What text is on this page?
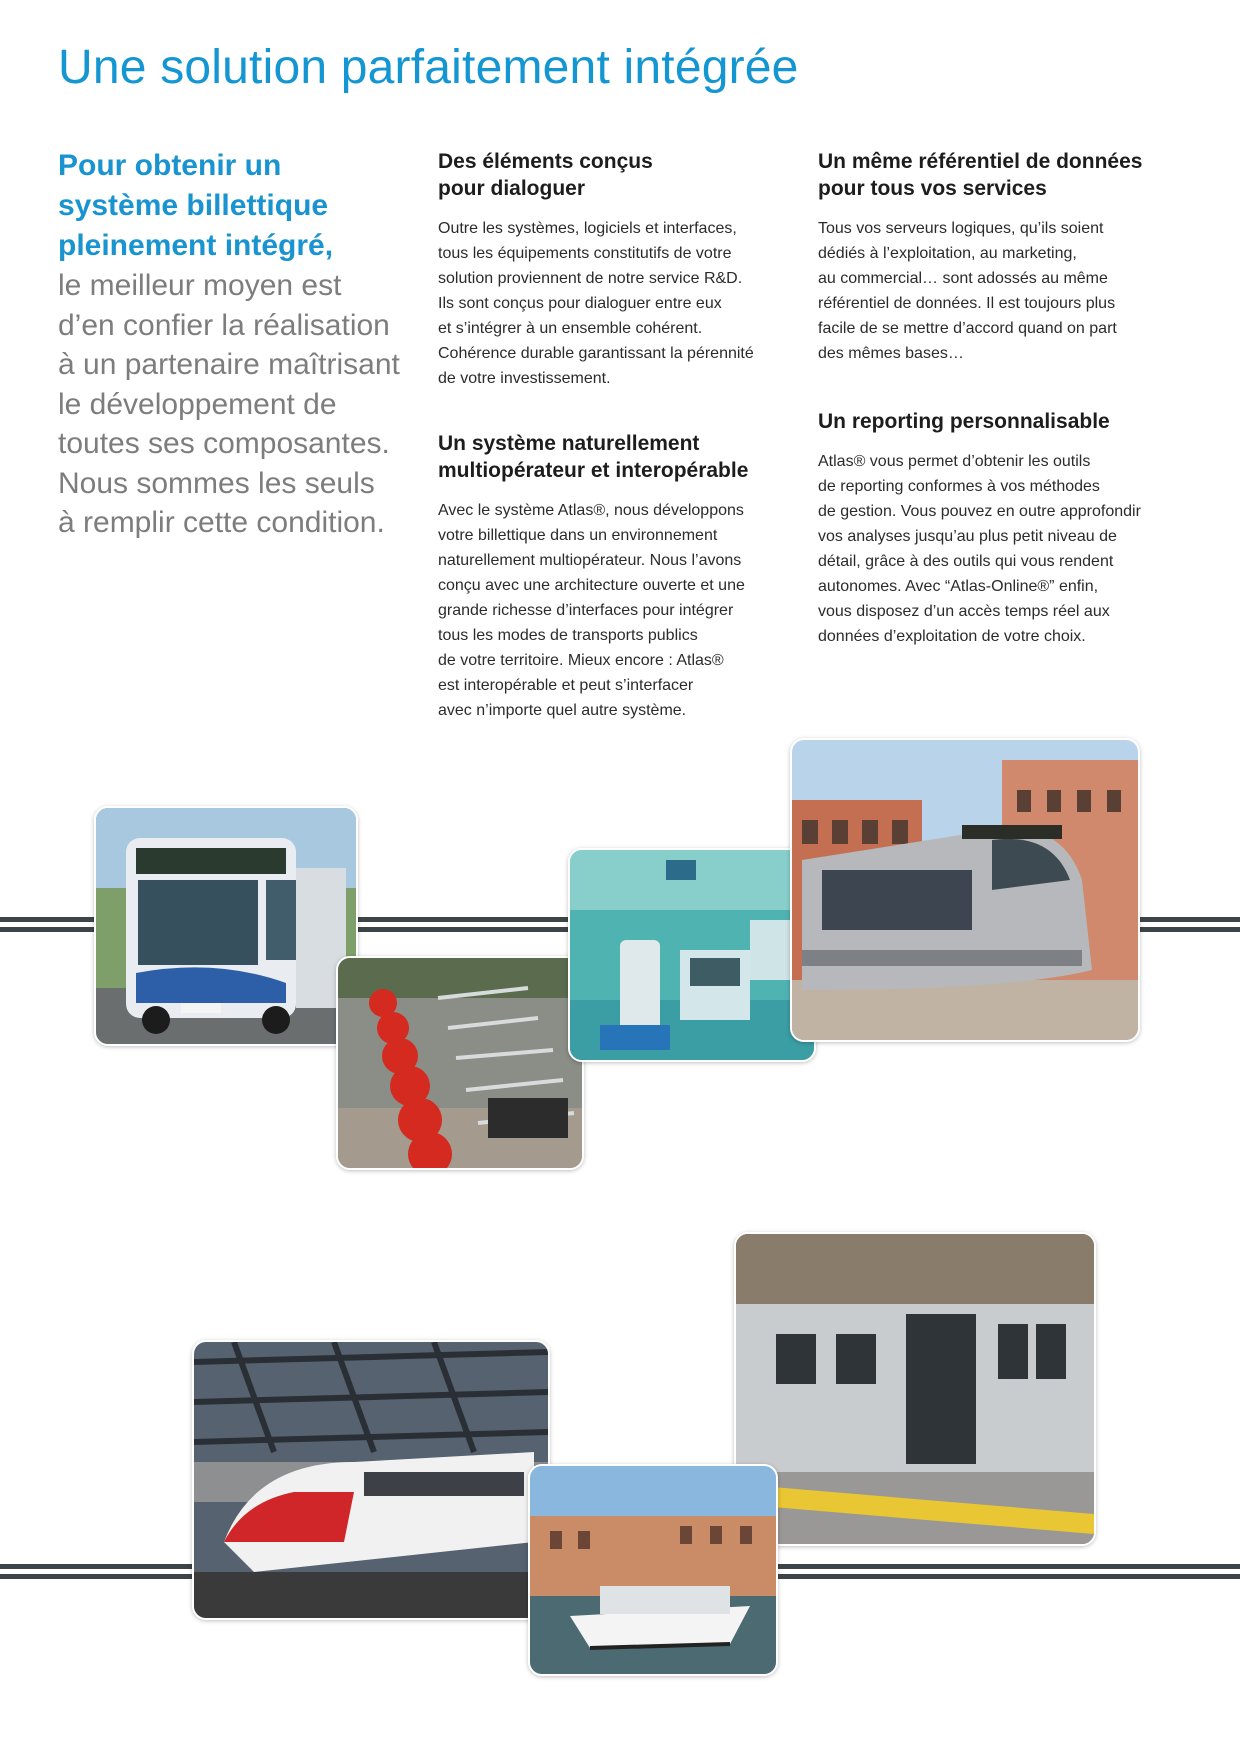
Une solution parfaitement intégrée
Pour obtenir un
système billettique
pleinement intégré,
le meilleur moyen est
d’en confier la réalisation
à un partenaire maîtrisant
le développement de
toutes ses composantes.
Nous sommes les seuls
à remplir cette condition.
Des éléments conçus
pour dialoguer

Outre les systèmes, logiciels et interfaces,
tous les équipements constitutifs de votre
solution proviennent de notre service R&D.
Ils sont conçus pour dialoguer entre eux
et s’intégrer à un ensemble cohérent.
Cohérence durable garantissant la pérennité
de votre investissement.

Un système naturellement
multiopérateur et interopérable

Avec le système Atlas®, nous développons
votre billettique dans un environnement
naturellement multiopérateur. Nous l’avons
conçu avec une architecture ouverte et une
grande richesse d’interfaces pour intégrer
tous les modes de transports publics
de votre territoire. Mieux encore : Atlas®
est interopérable et peut s’interfacer
avec n’importe quel autre système.

Un même référentiel de données
pour tous vos services

Tous vos serveurs logiques, qu’ils soient
dédiés à l’exploitation, au marketing,
au commercial… sont adossés au même
référentiel de données. Il est toujours plus
facile de se mettre d’accord quand on part
des mêmes bases…

Un reporting personnalisable

Atlas® vous permet d’obtenir les outils
de reporting conformes à vos méthodes
de gestion. Vous pouvez en outre approfondir
vos analyses jusqu’au plus petit niveau de
détail, grâce à des outils qui vous rendent
autonomes. Avec “Atlas-Online®” enfin,
vous disposez d’un accès temps réel aux
données d’exploitation de votre choix.
